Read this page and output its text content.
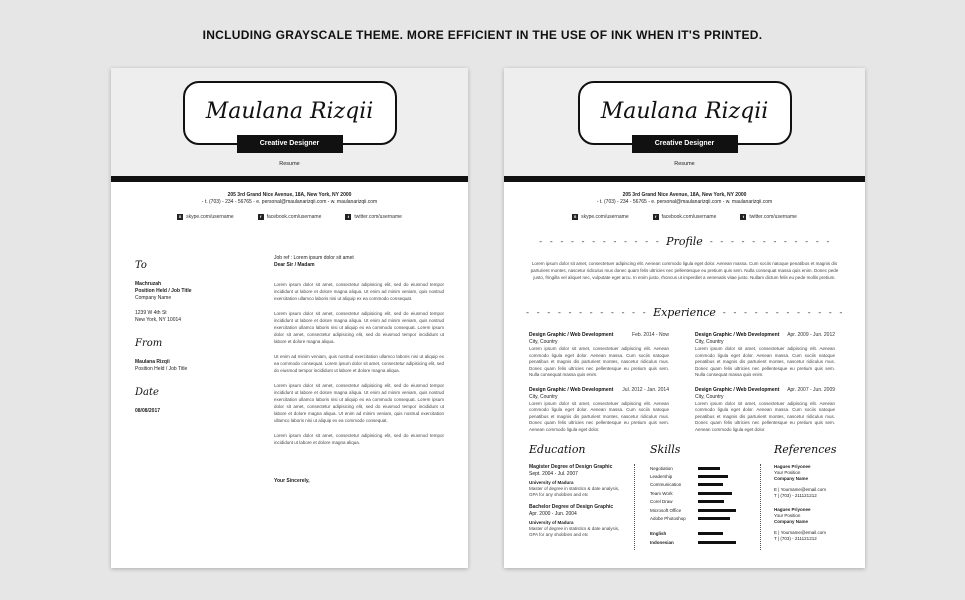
INCLUDING GRAYSCALE THEME. MORE EFFICIENT IN THE USE OF INK WHEN IT'S PRINTED.
Maulana Rizqii
Creative Designer
Resume
205 3rd Grand Nice Avenue, 18A, New York, NY 2000
- t. (703) - 234 - 56765 - e. personal@maulanarizqii.com - w. maulanarizqii.com
S skype.com/username	f	facebook.com/username	t	twitter.com/username
To
Machruzah
Position Held / Job Title
Company Name
1239 W 4th St
New York, NY 10014
From
Maulana Rizqii
Position Held / Job Title
Date
08/08/2017
Job ref : Lorem ipsum dolor sit amet
Dear Sir / Madam
Lorem ipsum dolor sit amet, consectetur adipisicing elit, sed do eiusmod tempor incididunt ut labore et dolore magna aliqua. Ut enim ad minim veniam, quis nostrud exercitation ullamco laboris nisi ut aliquip ex ea commodo consequat.
Lorem ipsum dolor sit amet, consectetur adipisicing elit, sed do eiusmod tempor incididunt ut labore et dolore magna aliqua. Ut enim ad minim veniam, quis nostrud exercitation ullamco laboris nisi ut aliquip ex ea commodo consequat. Lorem ipsum dolor sit amet, consectetur adipisicing elit, sed do eiusmod tempor incididunt ut labore et dolore magna aliqua.
Ut enim ad minim veniam, quis nostrud exercitation ullamco laboris nisi ut aliquip ex ea commodo consequat. Lorem ipsum dolor sit amet, consectetur adipisicing elit, sed do eiusmod tempor incididunt ut labore et dolore magna aliqua.
Lorem ipsum dolor sit amet, consectetur adipisicing elit, sed do eiusmod tempor incididunt ut labore et dolore magna aliqua. Ut enim ad minim veniam, quis nostrud exercitation ullamco laboris nisi ut aliquip ex ea commodo consequat. Lorem ipsum dolor sit amet, consectetur adipisicing elit, sed do eiusmod tempor incididunt ut labore et dolore magna aliqua. Ut enim ad minim veniam, quis nostrud exercitation ullamco laboris nisi ut aliquip ex ea commodo consequat.
Lorem ipsum dolor sit amet, consectetur adipisicing elit, sed do eiusmod tempor incididunt ut labore et dolore magna aliqua.
Your Sincerely,
Maulana Rizqii
Creative Designer
Resume
205 3rd Grand Nice Avenue, 18A, New York, NY 2000
- t. (703) - 234 - 56765 - e. personal@maulanarizqii.com - w. maulanarizqii.com
S skype.com/username	f	facebook.com/username	t	twitter.com/username
- - - - - - - - - - - - Profile - - - - - - - - - - - -
Lorem ipsum dolor sit amet, consectetuer adipiscing elit. Aenean commodo ligula eget dolor. Aenean massa. Cum sociis natoque penatibus et magnis dis parturient montes, nascetur ridiculus mus donec quam felis ultricies nec pellentesque eu pretium quis sem. Nulla consequat massa quis enim. Donec pede justo, fringilla vel aliquet nec, vulputate eget arcu. In enim justo, rhoncus ut imperdiet a venenatis vitae justo. Nullam dictum felis eu pede mollis pretium.
- - - - - - - - - - - - Experience - - - - - - - - - - - -
Design Graphic / Web Development	Feb. 2014 - Now
City, Country
Lorem ipsum dolor sit amet, consectetuer adipiscing elit. Aenean commodo ligula eget dolor. Aenean massa. Cum sociis natoque penatibus et magnis dis parturient montes, nascetur ridiculus mus. Donec quam felis ultricies nec pellentesque eu pretium quis sem. Nulla consequat massa quis enim.
Design Graphic / Web Development Jul. 2012 - Jan. 2014
City, Country
Lorem ipsum dolor sit amet, consectetuer adipiscing elit. Aenean commodo ligula eget dolor. Aenean massa. Cum sociis natoque penatibus et magnis dis parturient montes, nascetur ridiculus mus. Donec quam felis ultricies nec pellentesque eu pretium quis sem. Aenean commodo ligula eget dolor.
Design Graphic / Web Development Apr. 2009 - Jun. 2012
City, Country
Lorem ipsum dolor sit amet, consectetuer adipiscing elit. Aenean commodo ligula eget dolor. Aenean massa. Cum sociis natoque penatibus et magnis dis parturient montes, nascetur ridiculus mus. Donec quam felis ultricies nec pellentesque eu pretium quis sem. Nulla consequat massa quis enim.
Design Graphic / Web Development Apr. 2007 - Jun. 2009
City, Country
Lorem ipsum dolor sit amet, consectetuer adipiscing elit. Aenean commodo ligula eget dolor. Aenean massa. Cum sociis natoque penatibus et magnis dis parturient montes, nascetur ridiculus mus. Donec quam felis ultricies nec pellentesque eu pretium quis sem. Aenean commodo ligula eget dolor.
Education	Skills	References
Magister Degree of Design Graphic
Sept. 2004 - Jul. 2007
University of Madura
Master of degree in statistics & date analysis, GPA for any shobbies and etc
Bachelor Degree of Design Graphic
Apr. 2000 - Jun. 2004
University of Madura
Master of degree in statistics & date analysis, GPA for any shobbies and etc
Negotiation
Leadership
Communication
Team Work
Corel Draw
Microsoft Office
Adobe Photoshop
English
Indonesian
Hagues Priyonee
Your Position
Company Name
E | Yourname@email.com
T | (703) - 211121212
Hagues Priyonee
Your Position
Company Name
E | Yourname@email.com
T | (703) - 211121212
